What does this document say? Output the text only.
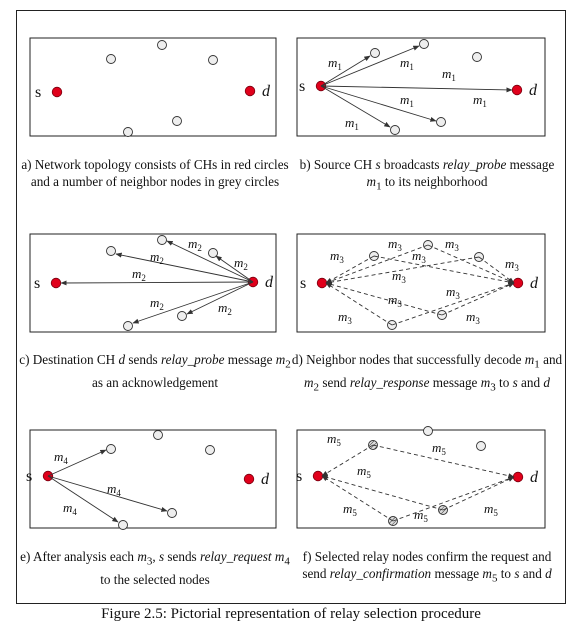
s	d s	d
$m_1$	$m_1$ $m_1$
$m_1$	$m_1$
$m_1$
s	d
$m_2$
$m_2$
$m_2$
$m_2$
$m_2$	$m_2$
s	d
$m_3$
$m_3$	$m_3$
$m_3$	$m_3$
$m_3$
$m_3$
$m_3$
$m_3$	$m_3$
s	d
$m_4$
$m_4$
$m_4$
s	d
$m_5$	$m_5$
$m_5$
$m_5$	$m_5$
$m_5$
a) Network topology consists of CHs in red circles and a number of neighbor nodes in grey circles
b) Source CH s broadcasts relay_probe message $m_1$ to its neighborhood
c) Destination CH d sends relay_probe message $m_2$ as an acknowledgement
d) Neighbor nodes that successfully decode $m_1$ and $m_2$ send relay_response message $m_3$ to s and d
e) After analysis each $m_3$, s sends relay_request $m_4$ to the selected nodes
f) Selected relay nodes confirm the request and send relay_confirmation message $m_5$ to s and d
Figure 2.5: Pictorial representation of relay selection procedure
